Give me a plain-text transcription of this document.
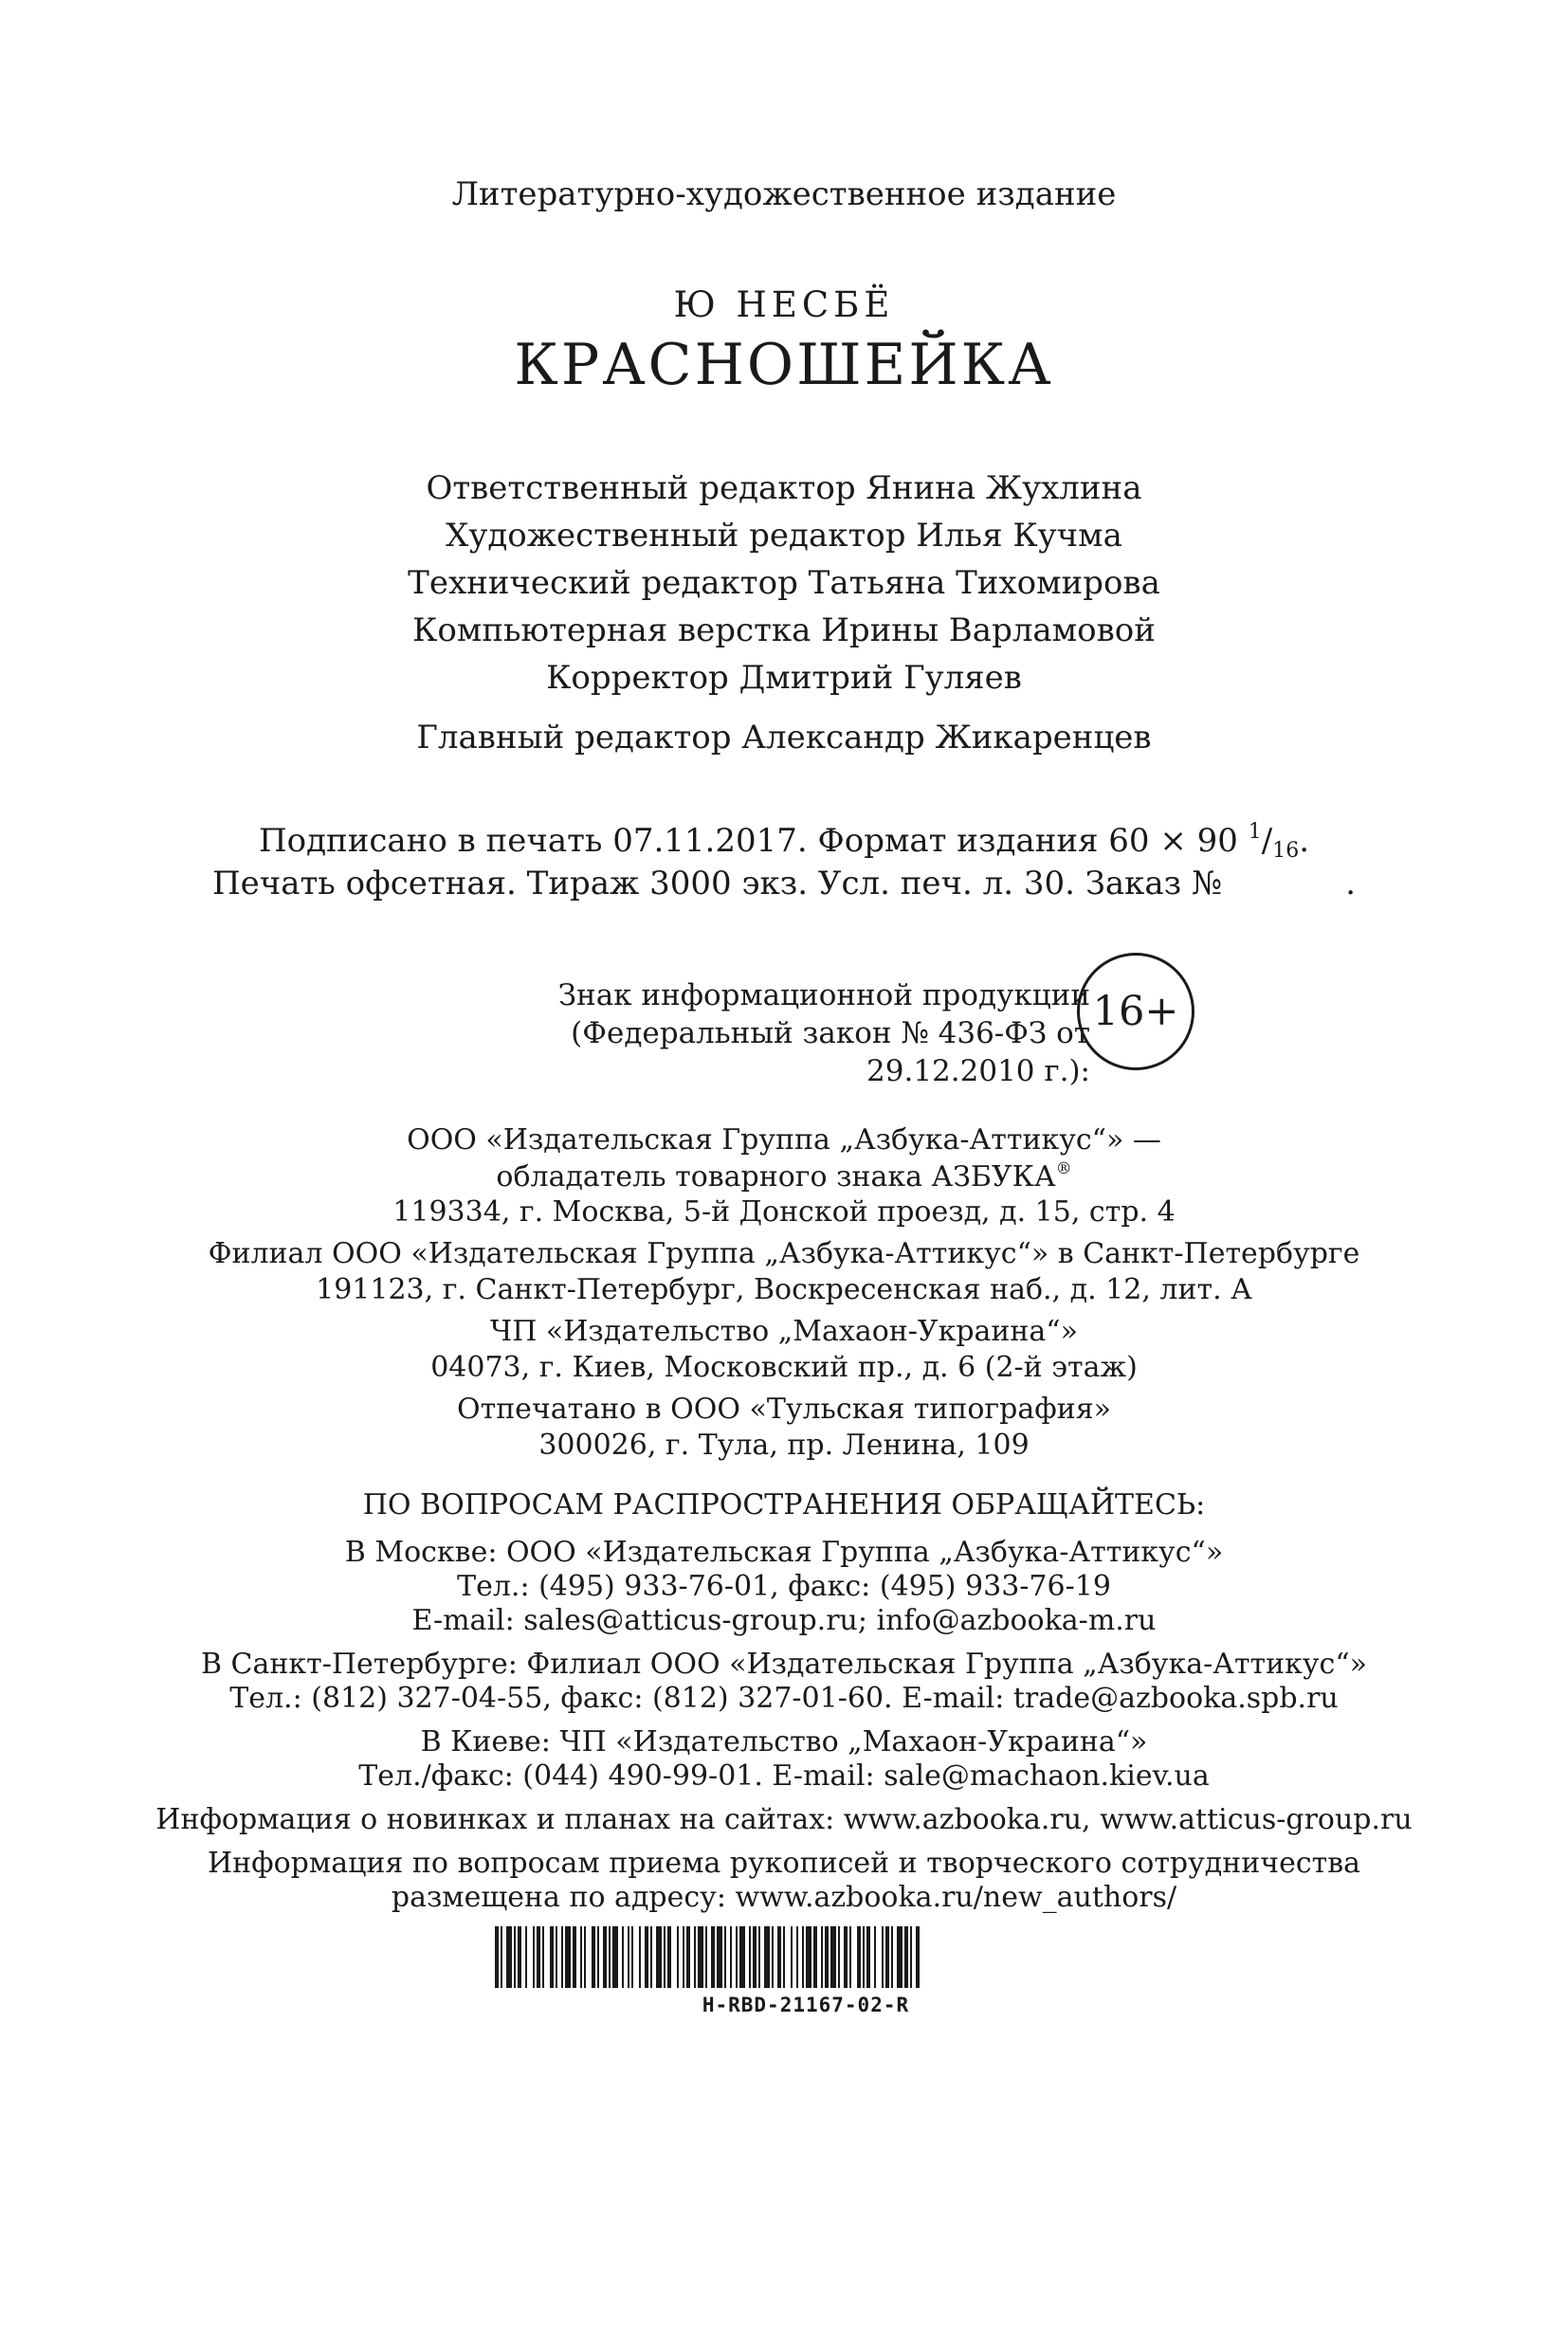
Литературно-художественное издание
Ю НЕСБЁ
КРАСНОШЕЙКА
Ответственный редактор Янина Жухлина
Художественный редактор Илья Кучма
Технический редактор Татьяна Тихомирова
Компьютерная верстка Ирины Варламовой
Корректор Дмитрий Гуляев
Главный редактор Александр Жикаренцев
Подписано в печать 07.11.2017. Формат издания 60 × 90 $^1/_{16}$.
Печать офсетная. Тираж 3000 экз. Усл. печ. л. 30. Заказ №	.
Знак информационной продукции
(Федеральный закон № 436-ФЗ от 29.12.2010 г.):
16+
ООО «Издательская Группа „Азбука-Аттикус“» —
обладатель товарного знака АЗБУКА®
119334, г. Москва, 5-й Донской проезд, д. 15, стр. 4
Филиал ООО «Издательская Группа „Азбука-Аттикус“» в Санкт-Петербурге
191123, г. Санкт-Петербург, Воскресенская наб., д. 12, лит. А
ЧП «Издательство „Махаон-Украина“»
04073, г. Киев, Московский пр., д. 6 (2-й этаж)
Отпечатано в ООО «Тульская типография»
300026, г. Тула, пр. Ленина, 109
ПО ВОПРОСАМ РАСПРОСТРАНЕНИЯ ОБРАЩАЙТЕСЬ:
В Москве: ООО «Издательская Группа „Азбука-Аттикус“»
Тел.: (495) 933-76-01, факс: (495) 933-76-19
E-mail: sales@atticus-group.ru; info@azbooka-m.ru
В Санкт-Петербурге: Филиал ООО «Издательская Группа „Азбука-Аттикус“»
Тел.: (812) 327-04-55, факс: (812) 327-01-60. E-mail: trade@azbooka.spb.ru
В Киеве: ЧП «Издательство „Махаон-Украина“»
Тел./факс: (044) 490-99-01. E-mail: sale@machaon.kiev.ua
Информация о новинках и планах на сайтах: www.azbooka.ru, www.atticus-group.ru
Информация по вопросам приема рукописей и творческого сотрудничества
размещена по адресу: www.azbooka.ru/new_authors/
H-RBD-21167-02-R
